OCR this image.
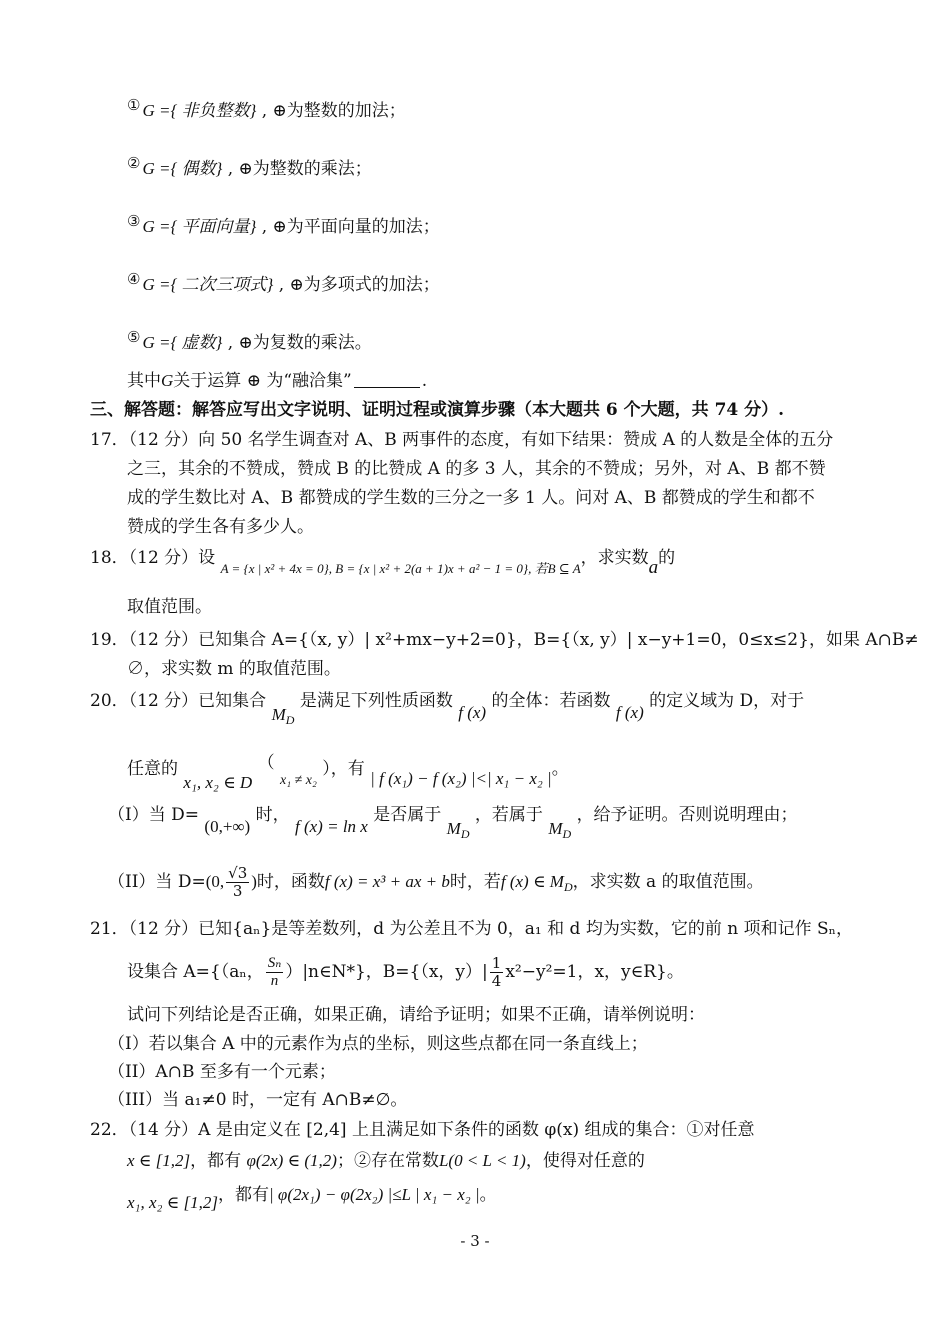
① G ={ 非负整数} , ⊕为整数的加法；
② G ={ 偶数} , ⊕为整数的乘法；
③ G ={ 平面向量} , ⊕为平面向量的加法；
④ G ={ 二次三项式} , ⊕为多项式的加法；
⑤ G ={ 虚数} , ⊕为复数的乘法。
其中G关于运算 ⊕ 为“融洽集”	.
三、解答题：解答应写出文字说明、证明过程或演算步骤（本大题共 6 个大题，共 74 分）.
17．（12 分）向 50 名学生调查对 A、B 两事件的态度，有如下结果：赞成 A 的人数是全体的五分
之三，其余的不赞成，赞成 B 的比赞成 A 的多 3 人，其余的不赞成；另外，对 A、B 都不赞
成的学生数比对 A、B 都赞成的学生数的三分之一多 1 人。问对 A、B 都赞成的学生和都不
赞成的学生各有多少人。
18．（12 分）设 $_{A = \{x | x^2 + 4x = 0\}, B = \{x | x^2 + 2(a + 1)x + a^2 - 1 = 0\}, 若B ⊆ A}$，求实数a的
取值范围。
19．（12 分）已知集合 A={（x, y）| x²+mx−y+2=0}，B={（x, y）| x−y+1=0，0≤x≤2}，如果 A∩B≠
∅，求实数 m 的取值范围。
20．（12 分）已知集合 $M_D$ 是满足下列性质函数 f (x) 的全体：若函数 f (x) 的定义域为 D，对于
任意的 x₁, x₂ ∈ D （ $_{x_1 \ne x_2}$ ），有 | f (x₁) − f (x₂) |<| x₁ − x₂ |。
（I）当 D= (0,+∞) 时， f (x) = ln x 是否属于 $M_D$ ，若属于 $M_D$ ，给予证明。否则说明理由；
（II）当 D=(0, $\frac{√3}{3}$ )时，函数f (x) = x³ + ax + b时，若f (x) ∈ $M_D$，求实数 a 的取值范围。
21．（12 分）已知{aₙ}是等差数列，d 为公差且不为 0，a₁ 和 d 均为实数，它的前 n 项和记作 Sₙ，
设集合 A={（aₙ， $\frac{\text{Sₙ}}{n}$ ）|n∈N*}，B={（x，$y)| \frac{1}{4} x^2-y^2=1$，x，y∈R}。
试问下列结论是否正确，如果正确，请给予证明；如果不正确，请举例说明：
（I）若以集合 A 中的元素作为点的坐标，则这些点都在同一条直线上；
（II）A∩B 至多有一个元素；
（III）当 a₁≠0 时，一定有 A∩B≠∅。
22．（14 分）A 是由定义在 [2,4] 上且满足如下条件的函数 φ(x) 组成的集合：①对任意
x ∈ [1,2]，都有 φ(2x) ∈ (1,2)；②存在常数L(0 < L < 1)，使得对任意的
x₁, x₂ ∈ [1,2]，都有| φ(2x₁) − φ(2x₂) |≤L | x₁ − x₂ |。
- 3 -
